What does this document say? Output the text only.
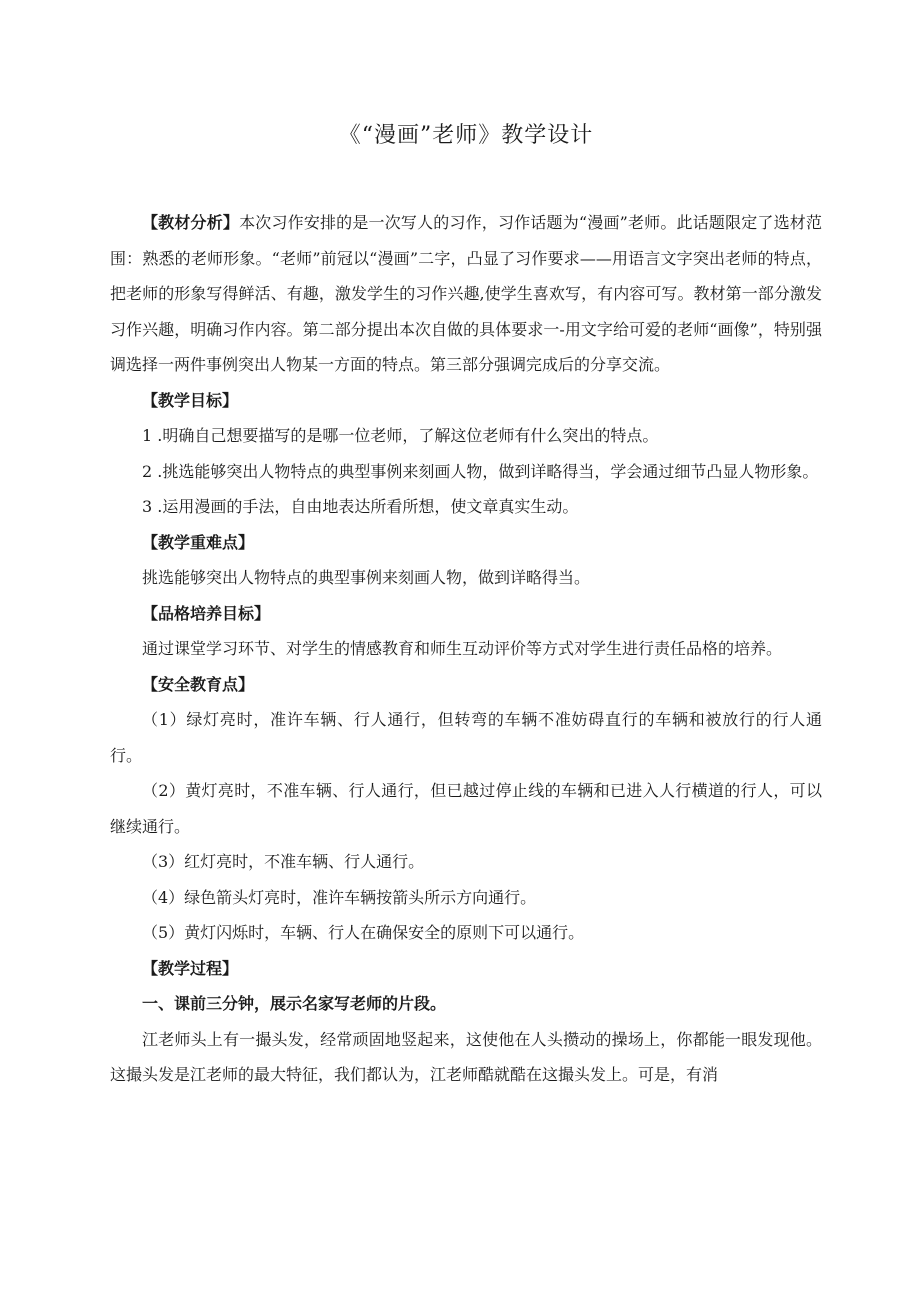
《“漫画”老师》教学设计

【教材分析】本次习作安排的是一次写人的习作，习作话题为“漫画”老师。此话题限定了选材范围：熟悉的老师形象。“老师”前冠以“漫画”二字，凸显了习作要求——用语言文字突出老师的特点，把老师的形象写得鲜活、有趣，激发学生的习作兴趣,使学生喜欢写，有内容可写。教材第一部分激发习作兴趣，明确习作内容。第二部分提出本次自做的具体要求一-用文字给可爱的老师“画像”，特别强调选择一两件事例突出人物某一方面的特点。第三部分强调完成后的分享交流。

【教学目标】

1 .明确自己想要描写的是哪一位老师，了解这位老师有什么突出的特点。

2 .挑选能够突出人物特点的典型事例来刻画人物，做到详略得当，学会通过细节凸显人物形象。

3 .运用漫画的手法，自由地表达所看所想，使文章真实生动。

【教学重难点】

挑选能够突出人物特点的典型事例来刻画人物，做到详略得当。

【品格培养目标】

通过课堂学习环节、对学生的情感教育和师生互动评价等方式对学生进行责任品格的培养。

【安全教育点】

（1）绿灯亮时，准许车辆、行人通行，但转弯的车辆不准妨碍直行的车辆和被放行的行人通行。

（2）黄灯亮时，不准车辆、行人通行，但已越过停止线的车辆和已进入人行横道的行人，可以继续通行。

（3）红灯亮时，不准车辆、行人通行。

（4）绿色箭头灯亮时，准许车辆按箭头所示方向通行。

（5）黄灯闪烁时，车辆、行人在确保安全的原则下可以通行。

【教学过程】

一、课前三分钟，展示名家写老师的片段。

江老师头上有一撮头发，经常顽固地竖起来，这使他在人头攒动的操场上，你都能一眼发现他。这撮头发是江老师的最大特征，我们都认为，江老师酷就酷在这撮头发上。可是，有消
